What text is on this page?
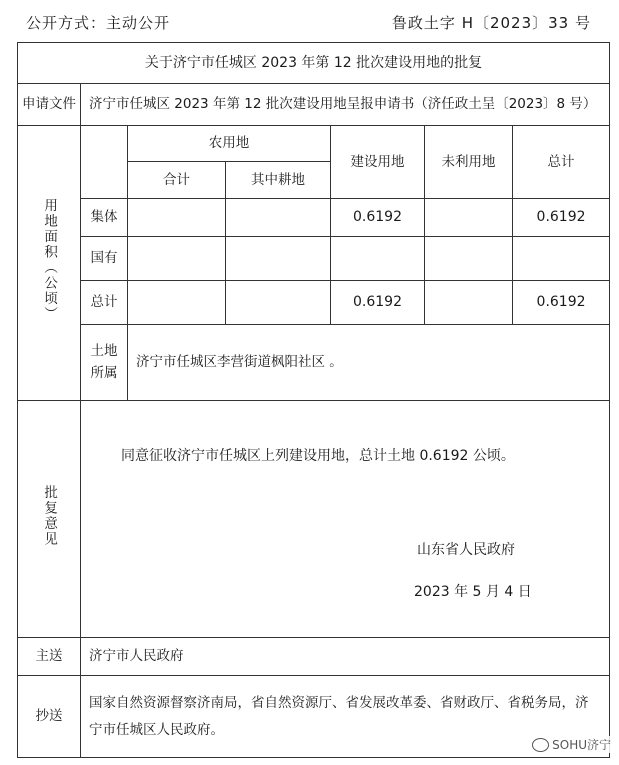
公开方式：主动公开	鲁政土字 H〔2023〕33 号
关于济宁市任城区 2023 年第 12 批次建设用地的批复						
申请文件	济宁市任城区 2023 年第 12 批次建设用地呈报申请书（济任政土呈〔2023〕8 号）					
用地面积（公顷）		农用地		建设用地	未利用地	总计
		合计	其中耕地			
	集体			0.6192		0.6192
	国有					
	总计			0.6192		0.6192

	土地所属	济宁市任城区李营街道枫阳社区 。				
批复意见	同意征收济宁市任城区上列建设用地，总计土地 0.6192 公顷。
山东省人民政府
2023 年 5 月 4 日					

主送	济宁市人民政府					
抄送	国家自然资源督察济南局，省自然资源厅、省发展改革委、省财政厅、省税务局，济宁市任城区人民政府。					
SOHU济宁
